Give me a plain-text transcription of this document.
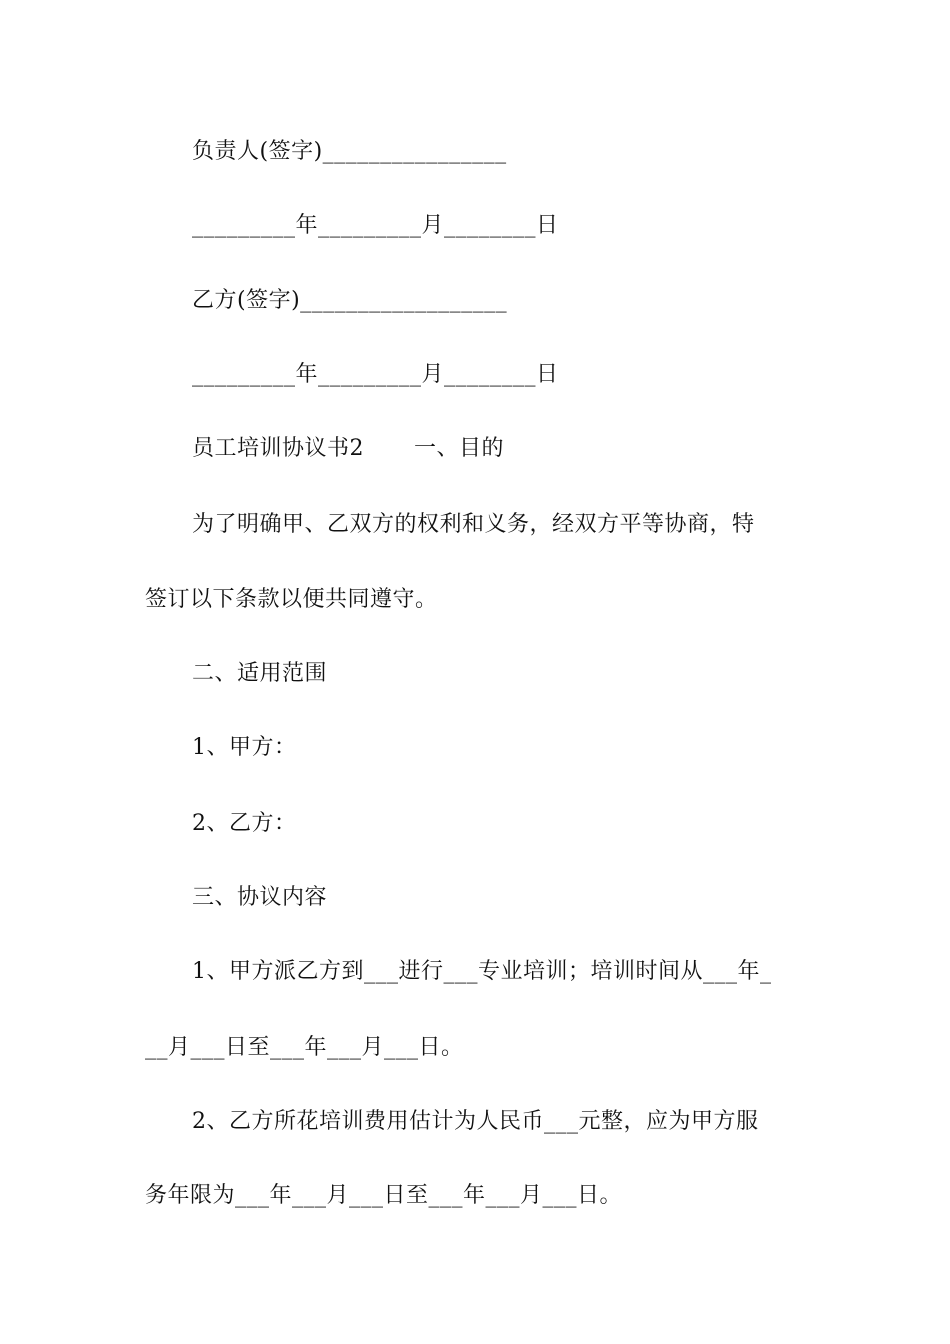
负责人(签字)________________
_________年_________月________日
乙方(签字)__________________
_________年_________月________日
员工培训协议书2 一、目的
为了明确甲、乙双方的权利和义务，经双方平等协商，特
签订以下条款以便共同遵守。
二、适用范围
1、甲方：
2、乙方：
三、协议内容
1、甲方派乙方到___进行___专业培训；培训时间从___年_
__月___日至___年___月___日。
2、乙方所花培训费用估计为人民币___元整，应为甲方服
务年限为___年___月___日至___年___月___日。
